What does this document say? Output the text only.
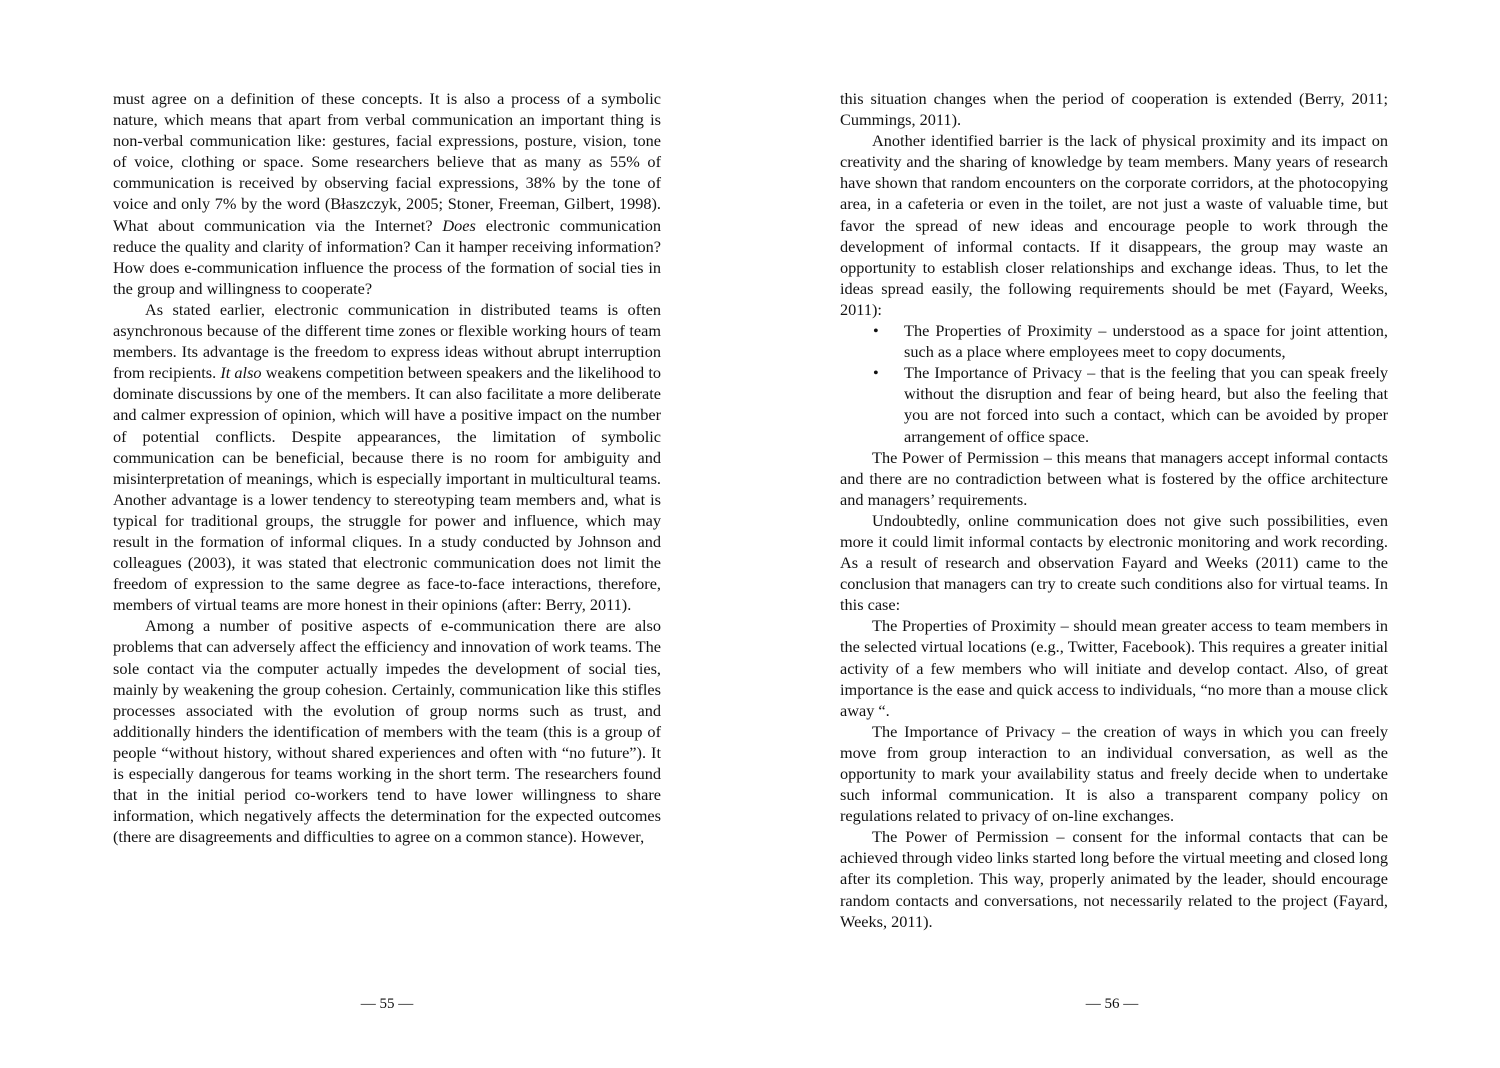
must agree on a definition of these concepts. It is also a process of a symbolic nature, which means that apart from verbal communication an important thing is non-verbal communication like: gestures, facial expressions, posture, vision, tone of voice, clothing or space. Some researchers believe that as many as 55% of communication is received by observing facial expressions, 38% by the tone of voice and only 7% by the word (Błaszczyk, 2005; Stoner, Freeman, Gilbert, 1998). What about communication via the Internet? Does electronic communication reduce the quality and clarity of information? Can it hamper receiving information? How does e-communication influence the process of the formation of social ties in the group and willingness to cooperate?

As stated earlier, electronic communication in distributed teams is often asynchronous because of the different time zones or flexible working hours of team members. Its advantage is the freedom to express ideas without abrupt interruption from recipients. It also weakens competition between speakers and the likelihood to dominate discussions by one of the members. It can also facilitate a more deliberate and calmer expression of opinion, which will have a positive impact on the number of potential conflicts. Despite appearances, the limitation of symbolic communication can be beneficial, because there is no room for ambiguity and misinterpretation of meanings, which is especially important in multicultural teams. Another advantage is a lower tendency to stereotyping team members and, what is typical for traditional groups, the struggle for power and influence, which may result in the formation of informal cliques. In a study conducted by Johnson and colleagues (2003), it was stated that electronic communication does not limit the freedom of expression to the same degree as face-to-face interactions, therefore, members of virtual teams are more honest in their opinions (after: Berry, 2011).

Among a number of positive aspects of e-communication there are also problems that can adversely affect the efficiency and innovation of work teams. The sole contact via the computer actually impedes the development of social ties, mainly by weakening the group cohesion. Certainly, communication like this stifles processes associated with the evolution of group norms such as trust, and additionally hinders the identification of members with the team (this is a group of people “without history, without shared experiences and often with “no future”). It is especially dangerous for teams working in the short term. The researchers found that in the initial period co-workers tend to have lower willingness to share information, which negatively affects the determination for the expected outcomes (there are disagreements and difficulties to agree on a common stance). However,

— 55 —

this situation changes when the period of cooperation is extended (Berry, 2011; Cummings, 2011).

Another identified barrier is the lack of physical proximity and its impact on creativity and the sharing of knowledge by team members. Many years of research have shown that random encounters on the corporate corridors, at the photocopying area, in a cafeteria or even in the toilet, are not just a waste of valuable time, but favor the spread of new ideas and encourage people to work through the development of informal contacts. If it disappears, the group may waste an opportunity to establish closer relationships and exchange ideas. Thus, to let the ideas spread easily, the following requirements should be met (Fayard, Weeks, 2011):

• The Properties of Proximity – understood as a space for joint attention, such as a place where employees meet to copy documents,
• The Importance of Privacy – that is the feeling that you can speak freely without the disruption and fear of being heard, but also the feeling that you are not forced into such a contact, which can be avoided by proper arrangement of office space.

The Power of Permission – this means that managers accept informal contacts and there are no contradiction between what is fostered by the office architecture and managers’ requirements.

Undoubtedly, online communication does not give such possibilities, even more it could limit informal contacts by electronic monitoring and work recording. As a result of research and observation Fayard and Weeks (2011) came to the conclusion that managers can try to create such conditions also for virtual teams. In this case:

The Properties of Proximity – should mean greater access to team members in the selected virtual locations (e.g., Twitter, Facebook). This requires a greater initial activity of a few members who will initiate and develop contact. Also, of great importance is the ease and quick access to individuals, “no more than a mouse click away “.

The Importance of Privacy – the creation of ways in which you can freely move from group interaction to an individual conversation, as well as the opportunity to mark your availability status and freely decide when to undertake such informal communication. It is also a transparent company policy on regulations related to privacy of on-line exchanges.

The Power of Permission – consent for the informal contacts that can be achieved through video links started long before the virtual meeting and closed long after its completion. This way, properly animated by the leader, should encourage random contacts and conversations, not necessarily related to the project (Fayard, Weeks, 2011).

— 56 —
